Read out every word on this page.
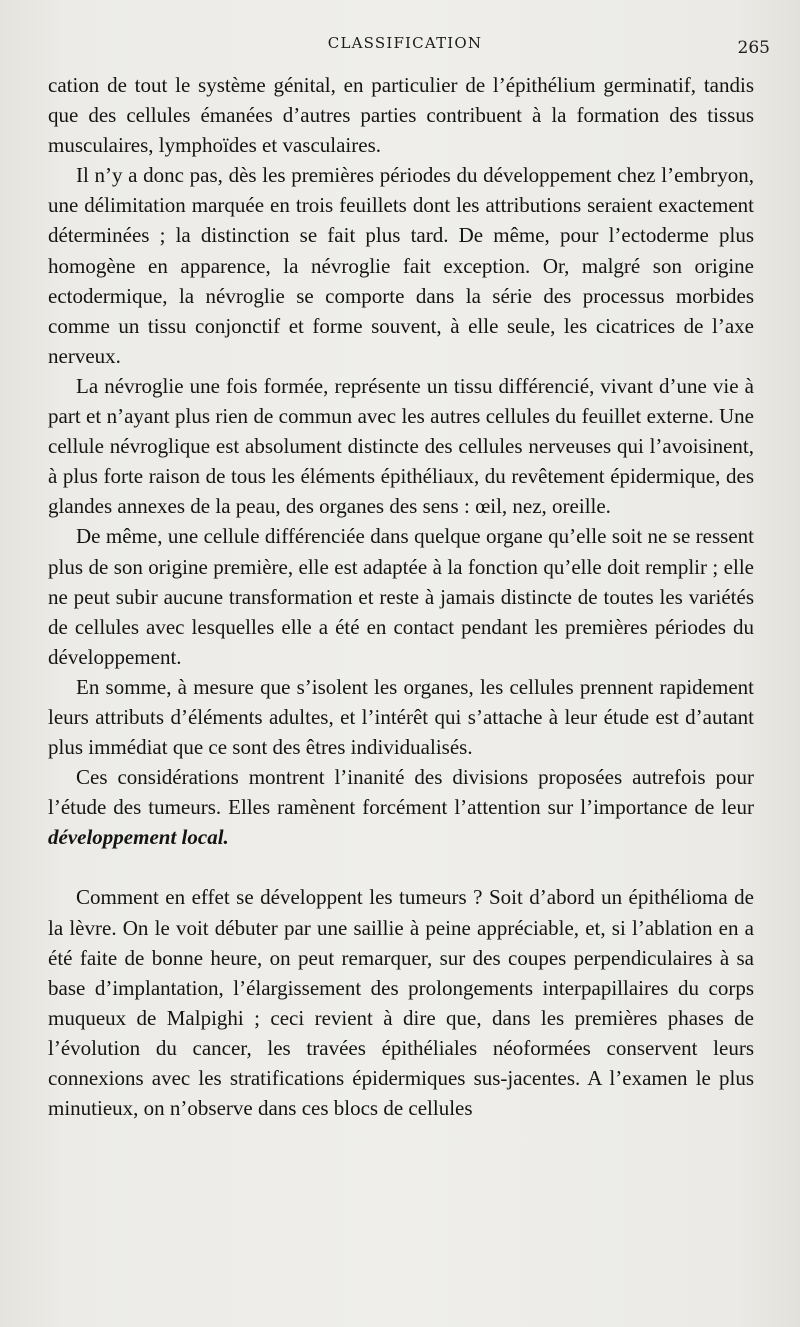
CLASSIFICATION	265

cation de tout le système génital, en particulier de l’épithélium germinatif, tandis que des cellules émanées d’autres parties contribuent à la formation des tissus musculaires, lymphoïdes et vasculaires.

Il n’y a donc pas, dès les premières périodes du développement chez l’embryon, une délimitation marquée en trois feuillets dont les attributions seraient exactement déterminées ; la distinction se fait plus tard. De même, pour l’ectoderme plus homogène en apparence, la névroglie fait exception. Or, malgré son origine ectodermique, la névroglie se comporte dans la série des processus morbides comme un tissu conjonctif et forme souvent, à elle seule, les cicatrices de l’axe nerveux.

La névroglie une fois formée, représente un tissu différencié, vivant d’une vie à part et n’ayant plus rien de commun avec les autres cellules du feuillet externe. Une cellule névroglique est absolument distincte des cellules nerveuses qui l’avoisinent, à plus forte raison de tous les éléments épithéliaux, du revêtement épidermique, des glandes annexes de la peau, des organes des sens : œil, nez, oreille.

De même, une cellule différenciée dans quelque organe qu’elle soit ne se ressent plus de son origine première, elle est adaptée à la fonction qu’elle doit remplir ; elle ne peut subir aucune transformation et reste à jamais distincte de toutes les variétés de cellules avec lesquelles elle a été en contact pendant les premières périodes du développement.

En somme, à mesure que s’isolent les organes, les cellules prennent rapidement leurs attributs d’éléments adultes, et l’intérêt qui s’attache à leur étude est d’autant plus immédiat que ce sont des êtres individualisés.

Ces considérations montrent l’inanité des divisions proposées autrefois pour l’étude des tumeurs. Elles ramènent forcément l’attention sur l’importance de leur développement local.

Comment en effet se développent les tumeurs ? Soit d’abord un épithélioma de la lèvre. On le voit débuter par une saillie à peine appréciable, et, si l’ablation en a été faite de bonne heure, on peut remarquer, sur des coupes perpendiculaires à sa base d’implantation, l’élargissement des prolongements interpapillaires du corps muqueux de Malpighi ; ceci revient à dire que, dans les premières phases de l’évolution du cancer, les travées épithéliales néoformées conservent leurs connexions avec les stratifications épidermiques sus-jacentes. A l’examen le plus minutieux, on n’observe dans ces blocs de cellules
